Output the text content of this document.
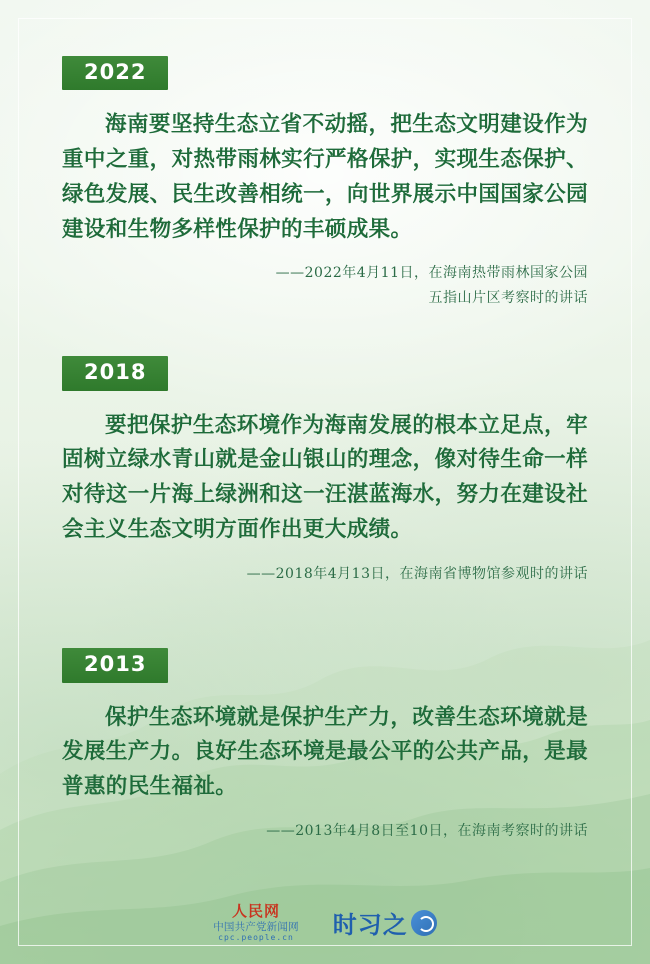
2022
海南要坚持生态立省不动摇，把生态文明建设作为重中之重，对热带雨林实行严格保护，实现生态保护、绿色发展、民生改善相统一，向世界展示中国国家公园建设和生物多样性保护的丰硕成果。
——2022年4月11日，在海南热带雨林国家公园
五指山片区考察时的讲话
2018
要把保护生态环境作为海南发展的根本立足点，牢固树立绿水青山就是金山银山的理念，像对待生命一样对待这一片海上绿洲和这一汪湛蓝海水，努力在建设社会主义生态文明方面作出更大成绩。
——2018年4月13日，在海南省博物馆参观时的讲话
2013
保护生态环境就是保护生产力，改善生态环境就是发展生产力。良好生态环境是最公平的公共产品，是最普惠的民生福祉。
——2013年4月8日至10日，在海南考察时的讲话
人民网
中国共产党新闻网
cpc.people.cn 时习之
